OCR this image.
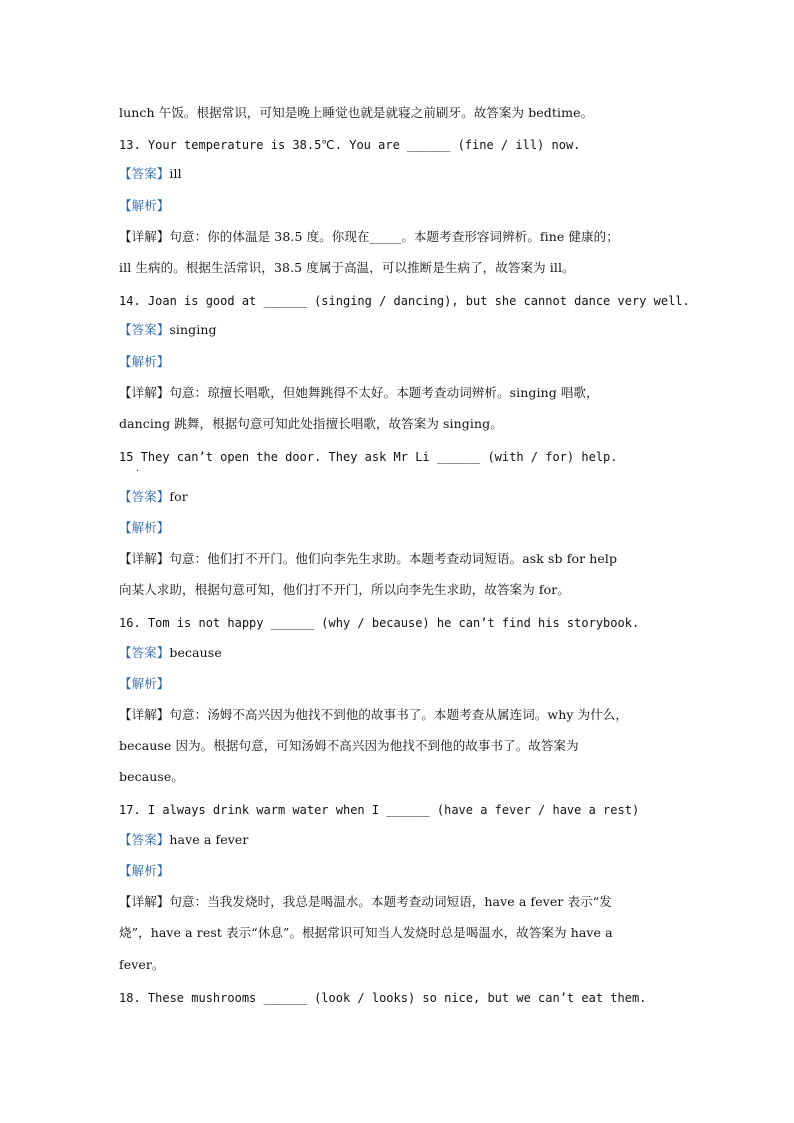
lunch 午饭。根据常识，可知是晚上睡觉也就是就寝之前刷牙。故答案为 bedtime。
13. Your temperature is 38.5℃. You are ______ (fine / ill) now.
【答案】ill
【解析】
【详解】句意：你的体温是 38.5 度。你现在_____。本题考查形容词辨析。fine 健康的；
ill 生病的。根据生活常识，38.5 度属于高温，可以推断是生病了，故答案为 ill。
14. Joan is good at ______ (singing / dancing), but she cannot dance very well.
【答案】singing
【解析】
【详解】句意：琼擅长唱歌，但她舞跳得不太好。本题考查动词辨析。singing 唱歌，
dancing 跳舞，根据句意可知此处指擅长唱歌，故答案为 singing。
15 They can’t open the door. They ask Mr Li ______ (with / for) help.
·
【答案】for
【解析】
【详解】句意：他们打不开门。他们向李先生求助。本题考查动词短语。ask sb for help
向某人求助，根据句意可知，他们打不开门，所以向李先生求助，故答案为 for。
16. Tom is not happy ______ (why / because) he can’t find his storybook.
【答案】because
【解析】
【详解】句意：汤姆不高兴因为他找不到他的故事书了。本题考查从属连词。why 为什么，
because 因为。根据句意，可知汤姆不高兴因为他找不到他的故事书了。故答案为
because。
17. I always drink warm water when I ______ (have a fever / have a rest)
【答案】have a fever
【解析】
【详解】句意：当我发烧时，我总是喝温水。本题考查动词短语，have a fever 表示“发
烧”，have a rest 表示“休息”。根据常识可知当人发烧时总是喝温水，故答案为 have a
fever。
18. These mushrooms ______ (look / looks) so nice, but we can’t eat them.
